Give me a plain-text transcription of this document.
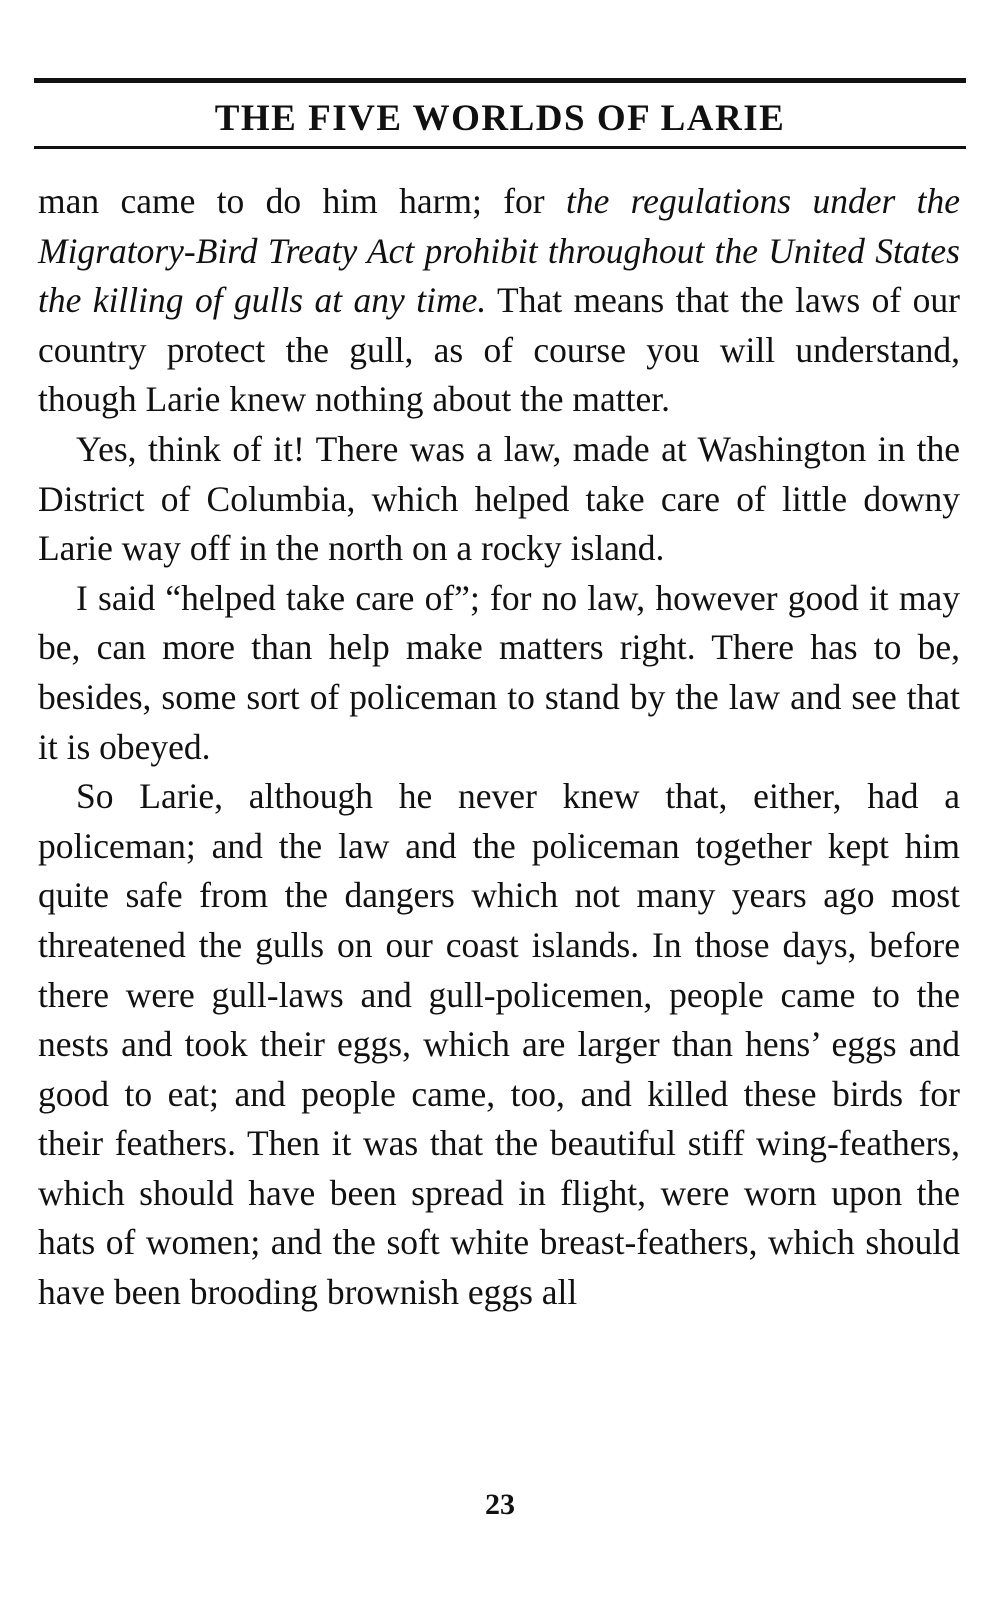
THE FIVE WORLDS OF LARIE

man came to do him harm; for the regulations under the Migratory-Bird Treaty Act prohibit throughout the United States the killing of gulls at any time. That means that the laws of our country protect the gull, as of course you will understand, though Larie knew nothing about the matter.

Yes, think of it! There was a law, made at Washington in the District of Columbia, which helped take care of little downy Larie way off in the north on a rocky island.

I said “helped take care of”; for no law, however good it may be, can more than help make matters right. There has to be, besides, some sort of policeman to stand by the law and see that it is obeyed.

So Larie, although he never knew that, either, had a policeman; and the law and the policeman together kept him quite safe from the dangers which not many years ago most threatened the gulls on our coast islands. In those days, before there were gull-laws and gull-policemen, people came to the nests and took their eggs, which are larger than hens’ eggs and good to eat; and people came, too, and killed these birds for their feathers. Then it was that the beautiful stiff wing-feathers, which should have been spread in flight, were worn upon the hats of women; and the soft white breast-feathers, which should have been brooding brownish eggs all

23
